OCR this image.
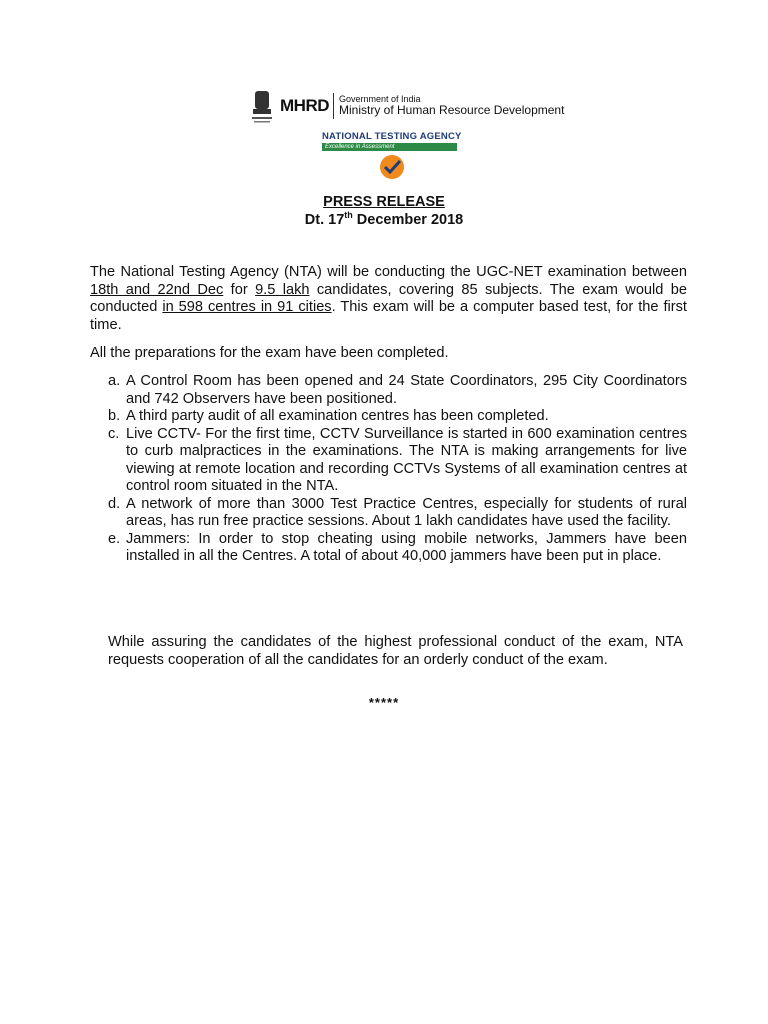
MHRD Government of India
Ministry of Human Resource Development
NATIONAL TESTING AGENCY
Excellence in Assessment
PRESS RELEASE
Dt. 17th December 2018
The National Testing Agency (NTA) will be conducting the UGC-NET examination between 18th and 22nd Dec for 9.5 lakh candidates, covering 85 subjects. The exam would be conducted in 598 centres in 91 cities. This exam will be a computer based test, for the first time.
All the preparations for the exam have been completed.
a. A Control Room has been opened and 24 State Coordinators, 295 City Coordinators and 742 Observers have been positioned.
b. A third party audit of all examination centres has been completed.
c. Live CCTV- For the first time, CCTV Surveillance is started in 600 examination centres to curb malpractices in the examinations. The NTA is making arrangements for live viewing at remote location and recording CCTVs Systems of all examination centres at control room situated in the NTA.
d. A network of more than 3000 Test Practice Centres, especially for students of rural areas, has run free practice sessions. About 1 lakh candidates have used the facility.
e. Jammers: In order to stop cheating using mobile networks, Jammers have been installed in all the Centres. A total of about 40,000 jammers have been put in place.
While assuring the candidates of the highest professional conduct of the exam, NTA requests cooperation of all the candidates for an orderly conduct of the exam.
*****
